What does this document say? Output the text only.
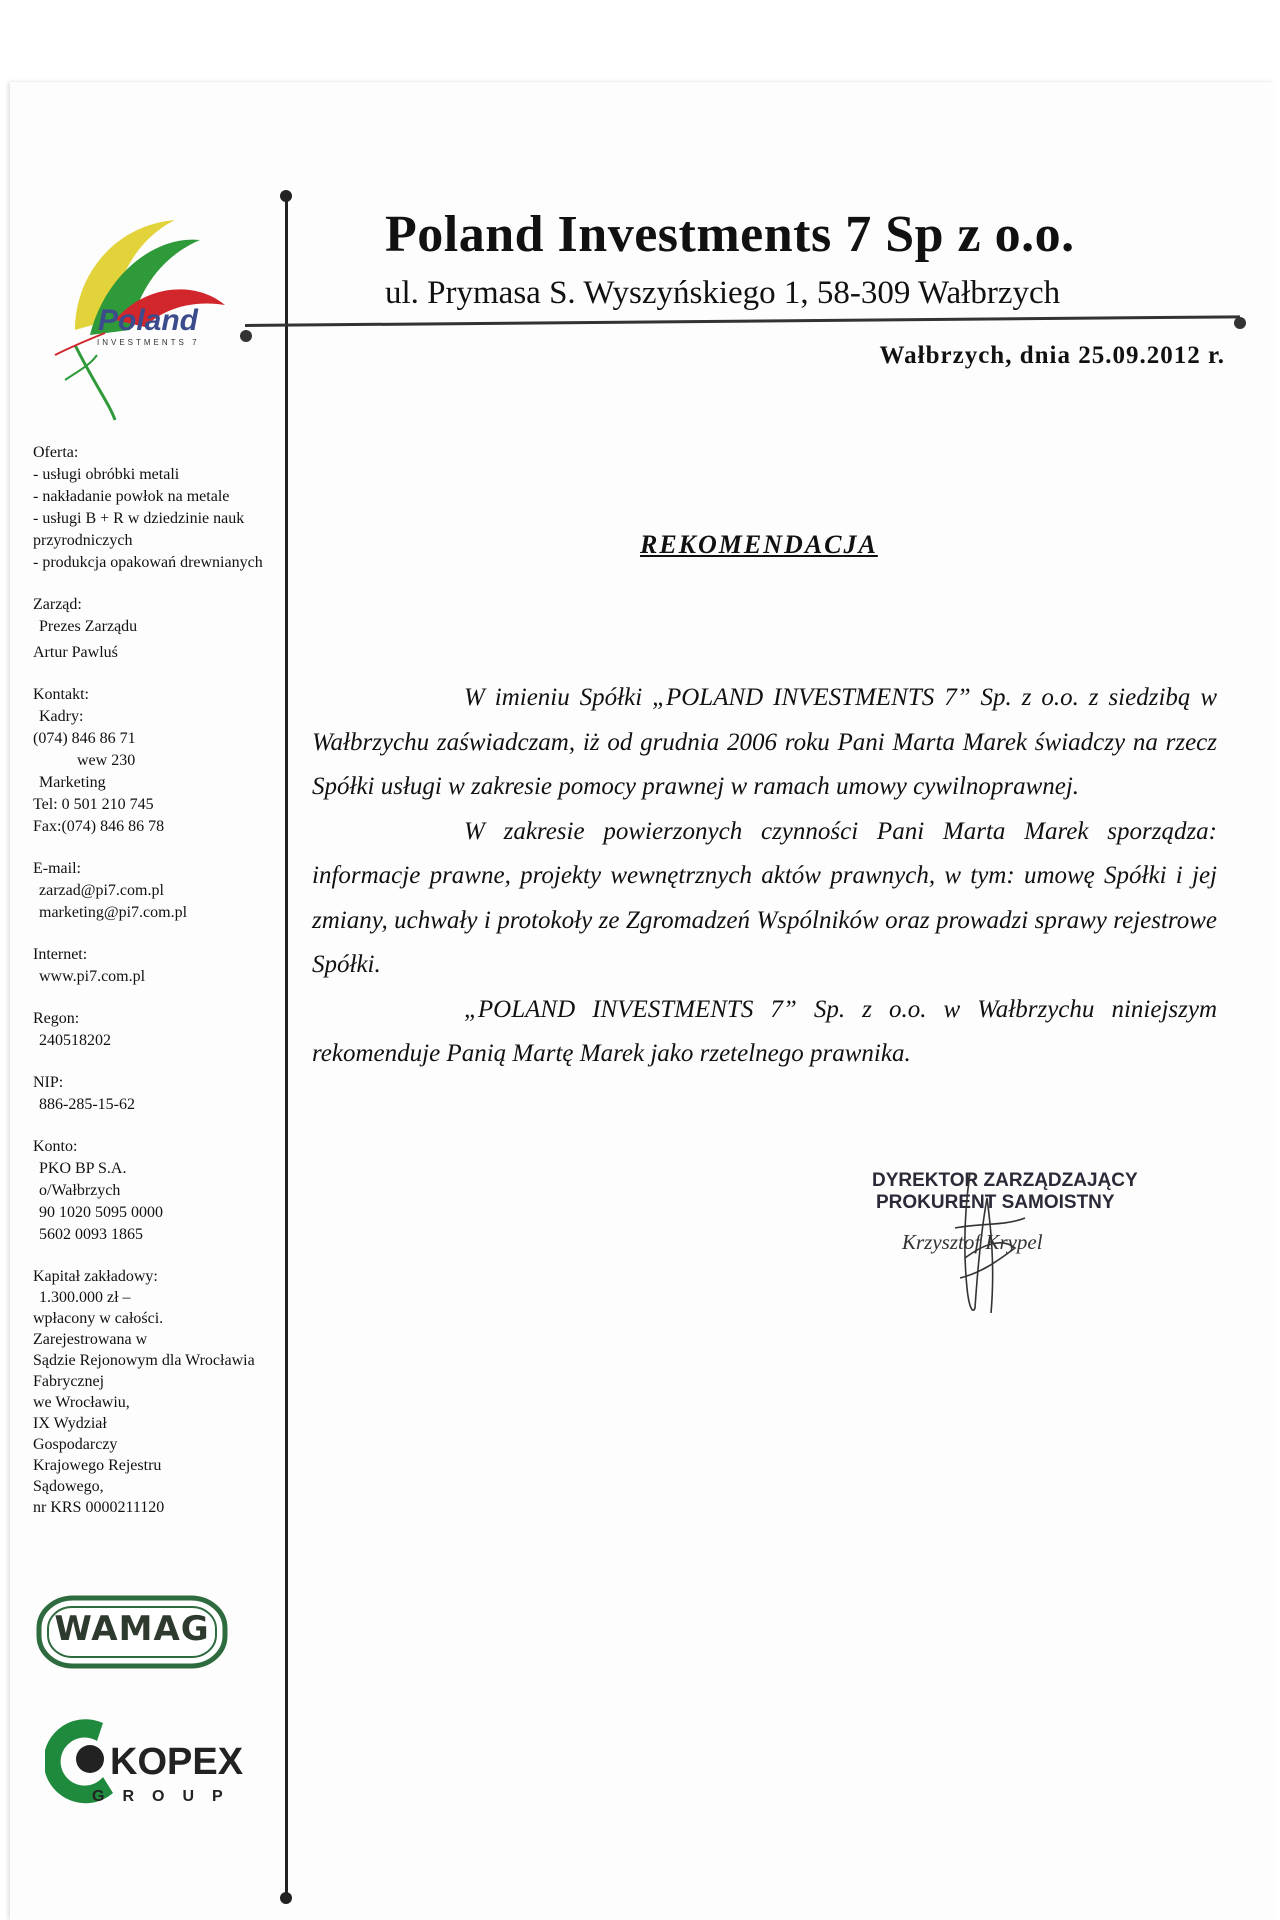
Poland
INVESTMENTS 7
Poland Investments 7 Sp z o.o.
ul. Prymasa S. Wyszyńskiego 1, 58-309 Wałbrzych
Wałbrzych, dnia 25.09.2012 r.
Oferta:
- usługi obróbki metali
- nakładanie powłok na metale
- usługi B + R w dziedzinie nauk
przyrodniczych
- produkcja opakowań drewnianych
Zarząd:
Prezes Zarządu
Artur Pawluś
Kontakt:
Kadry:
(074) 846 86 71
wew 230
Marketing
Tel: 0 501 210 745
Fax:(074) 846 86 78
E-mail:
zarzad@pi7.com.pl
marketing@pi7.com.pl
Internet:
www.pi7.com.pl
Regon:
240518202
NIP:
886-285-15-62
Konto:
PKO BP S.A.
o/Wałbrzych
90 1020 5095 0000
5602 0093 1865
Kapitał zakładowy:
1.300.000 zł –
wpłacony w całości.
Zarejestrowana w
Sądzie Rejonowym dla Wrocławia
Fabrycznej
we Wrocławiu,
IX Wydział
Gospodarczy
Krajowego Rejestru
Sądowego,
nr KRS 0000211120
REKOMENDACJA

W imieniu Spółki „POLAND INVESTMENTS 7” Sp. z o.o. z siedzibą w Wałbrzychu zaświadczam, iż od grudnia 2006 roku Pani Marta Marek świadczy na rzecz Spółki usługi w zakresie pomocy prawnej w ramach umowy cywilnoprawnej.

W zakresie powierzonych czynności Pani Marta Marek sporządza: informacje prawne, projekty wewnętrznych aktów prawnych, w tym: umowę Spółki i jej zmiany, uchwały i protokoły ze Zgromadzeń Wspólników oraz prowadzi sprawy rejestrowe Spółki.

„POLAND INVESTMENTS 7” Sp. z o.o. w Wałbrzychu niniejszym rekomenduje Panią Martę Marek jako rzetelnego prawnika.

DYREKTOR ZARZĄDZAJĄCY
PROKURENT SAMOISTNY
Krzysztof Krypel
WAMAG
KOPEX
GROUP
